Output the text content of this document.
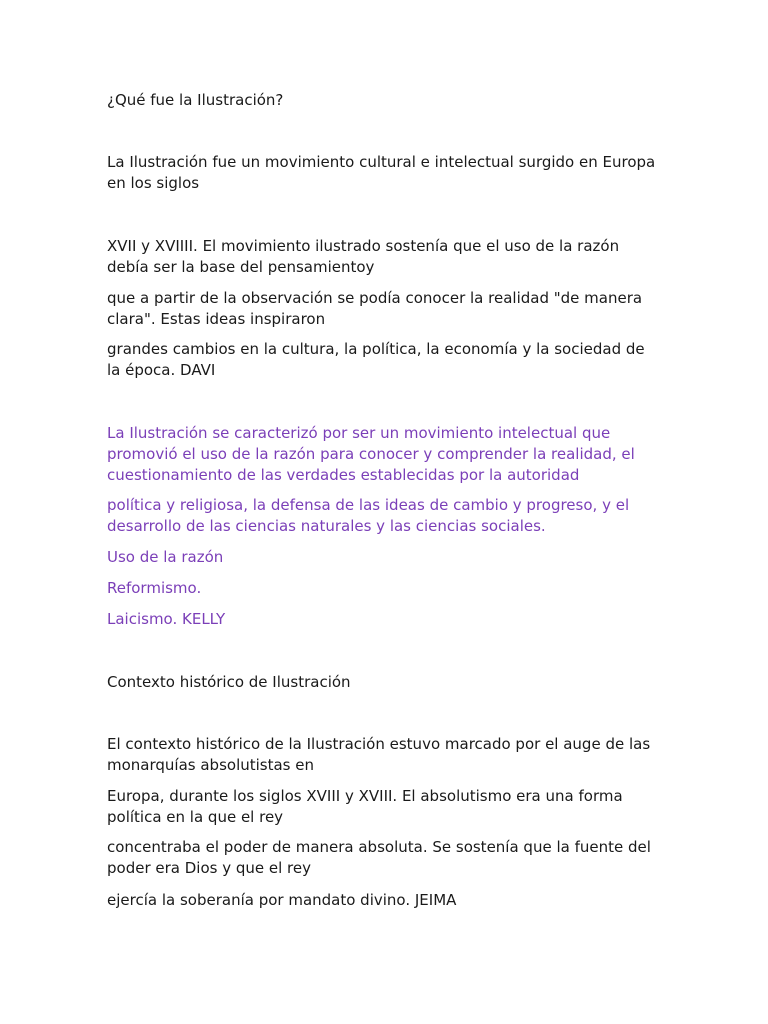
¿Qué fue la Ilustración?

La Ilustración fue un movimiento cultural e intelectual surgido en Europa en los siglos

XVII y XVIIII. El movimiento ilustrado sostenía que el uso de la razón debía ser la base del pensamientoy

que a partir de la observación se podía conocer la realidad "de manera clara". Estas ideas inspiraron

grandes cambios en la cultura, la política, la economía y la sociedad de la época. DAVI

La Ilustración se caracterizó por ser un movimiento intelectual que promovió el uso de la razón para conocer y comprender la realidad, el cuestionamiento de las verdades establecidas por la autoridad

política y religiosa, la defensa de las ideas de cambio y progreso, y el desarrollo de las ciencias naturales y las ciencias sociales.

Uso de la razón

Reformismo.

Laicismo. KELLY

Contexto histórico de Ilustración

El contexto histórico de la Ilustración estuvo marcado por el auge de las monarquías absolutistas en

Europa, durante los siglos XVIII y XVIII. El absolutismo era una forma política en la que el rey

concentraba el poder de manera absoluta. Se sostenía que la fuente del poder era Dios y que el rey

ejercía la soberanía por mandato divino. JEIMA
